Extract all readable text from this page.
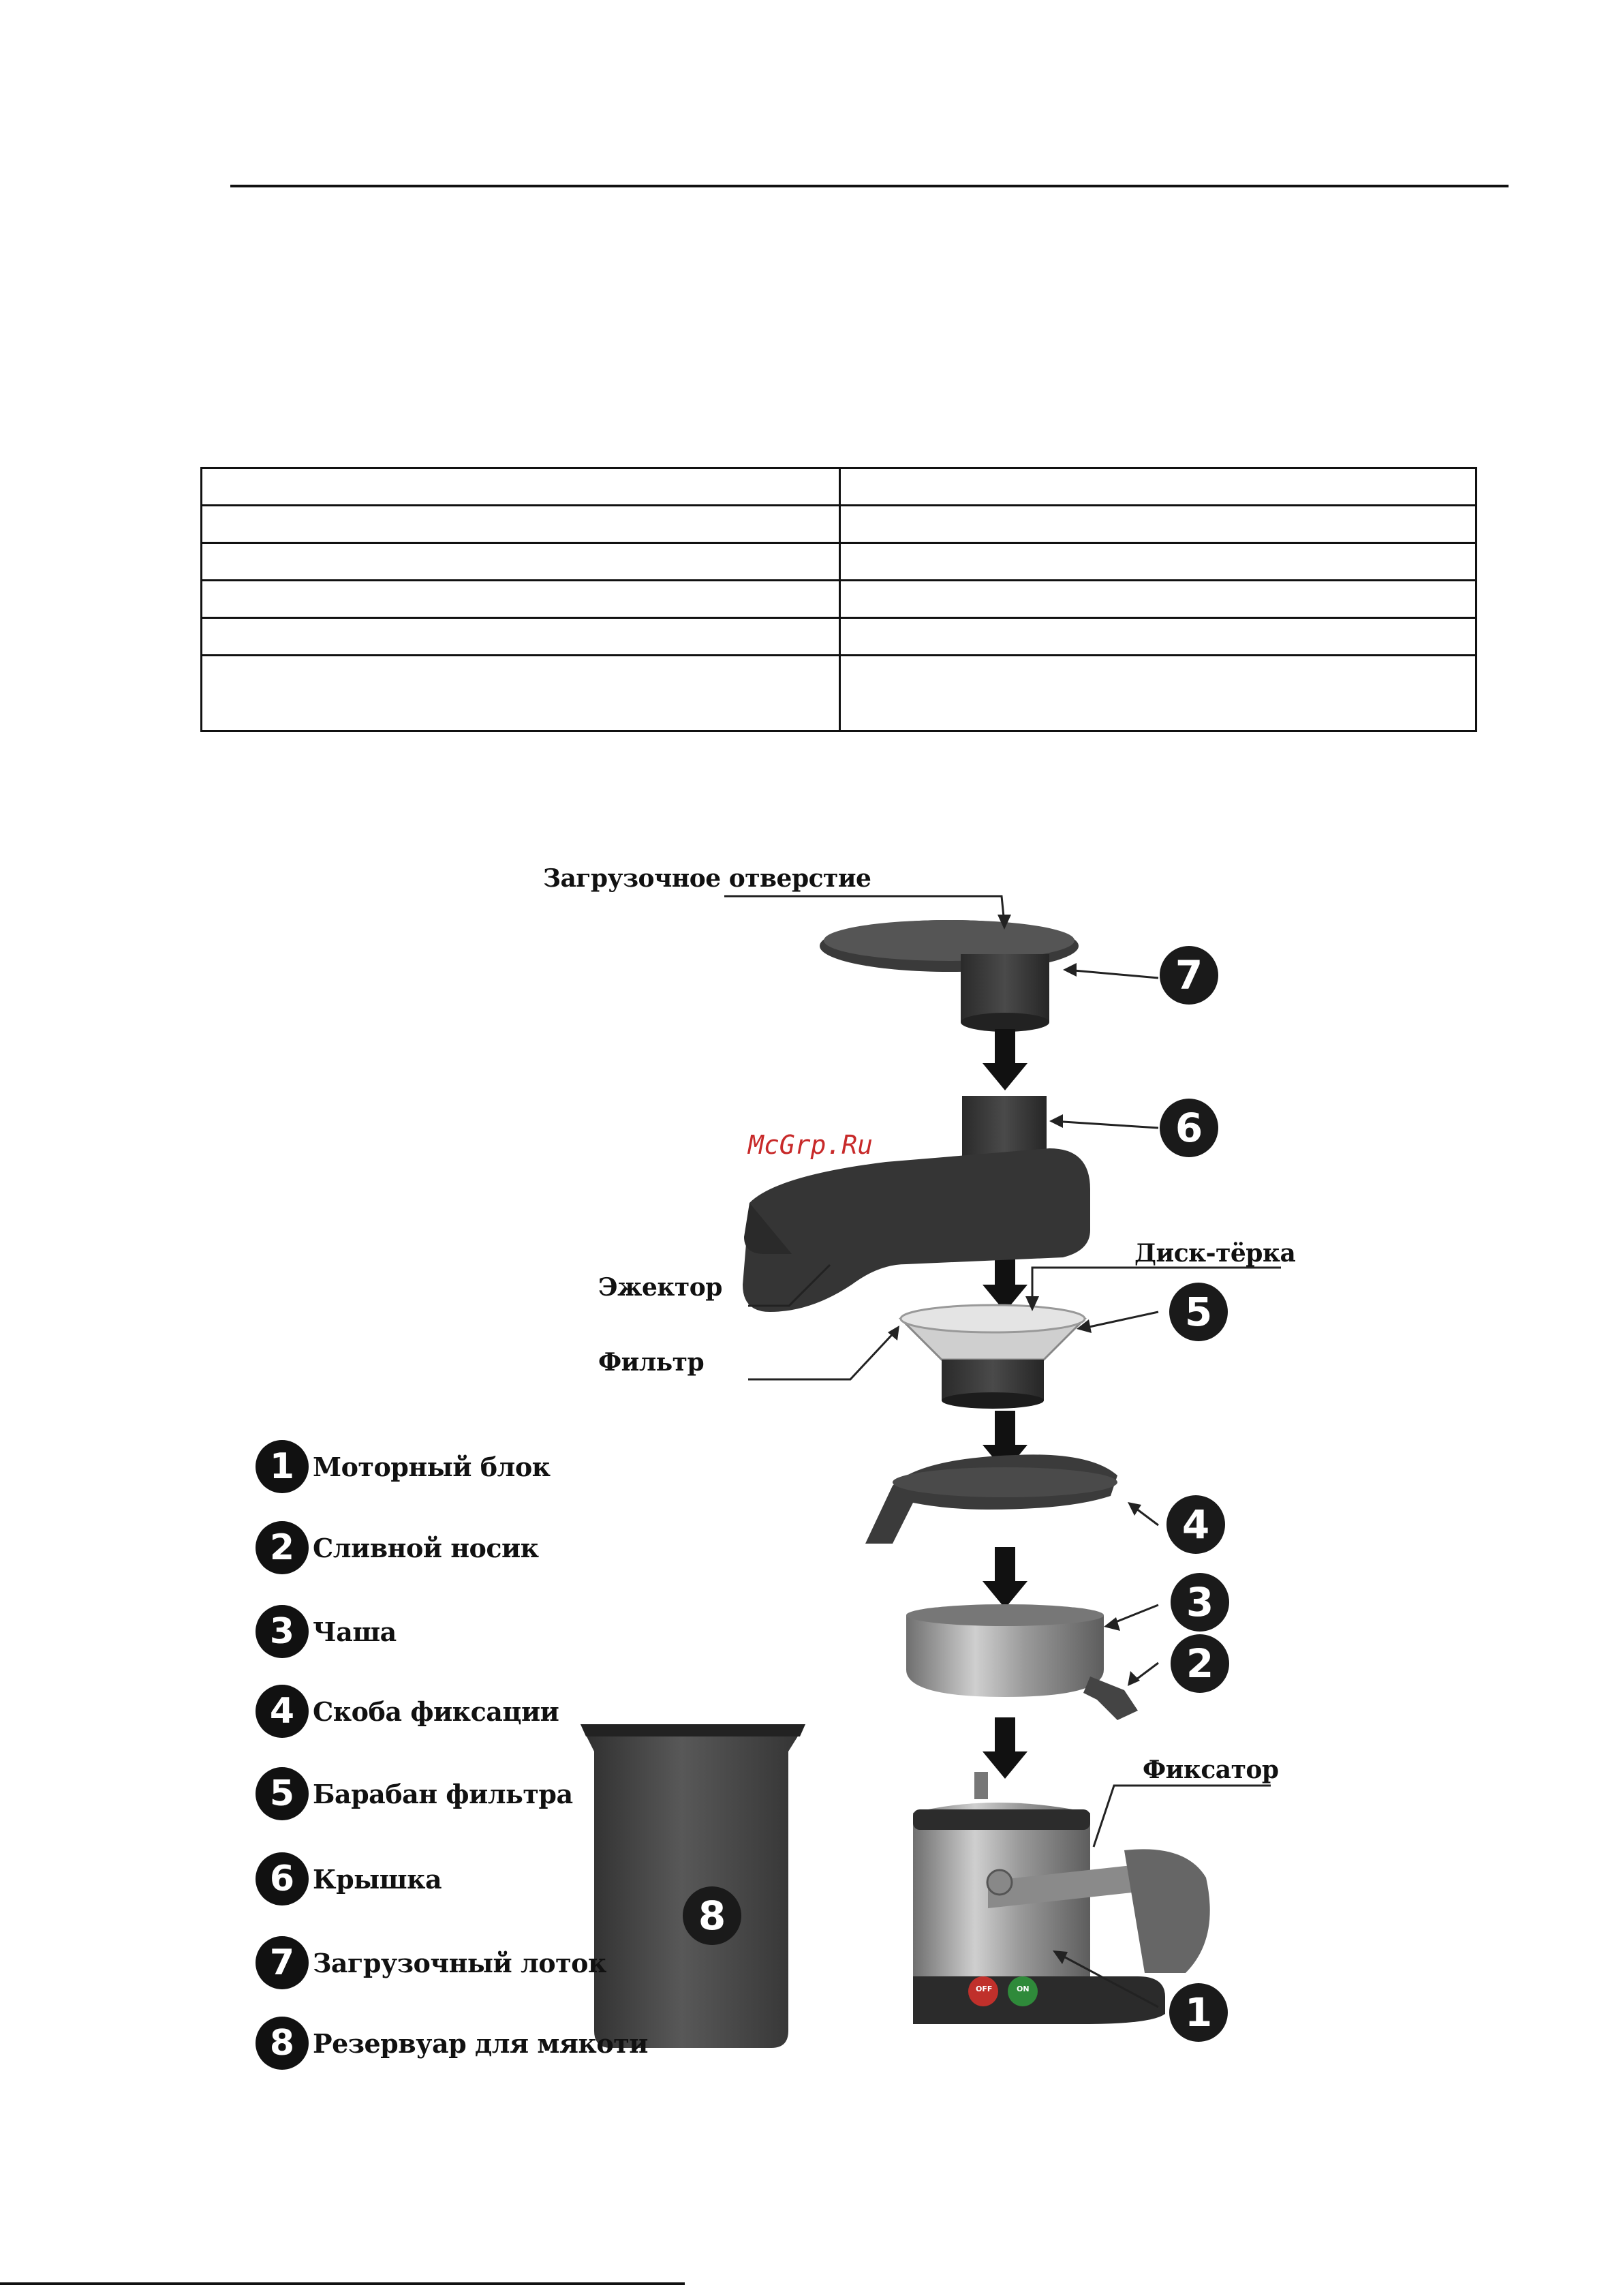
McGrp.Ru
Загрузочное отверстие
Эжектор
Диск-тёрка
Фильтр
Фиксатор
7
6
5
4
3
2
1
8
OFF	ON
1 Моторный блок
2 Сливной носик
3 Чаша
4 Скоба фиксации
5 Барабан фильтра
6 Крышка
7 Загрузочный лоток
8 Резервуар для мякоти
